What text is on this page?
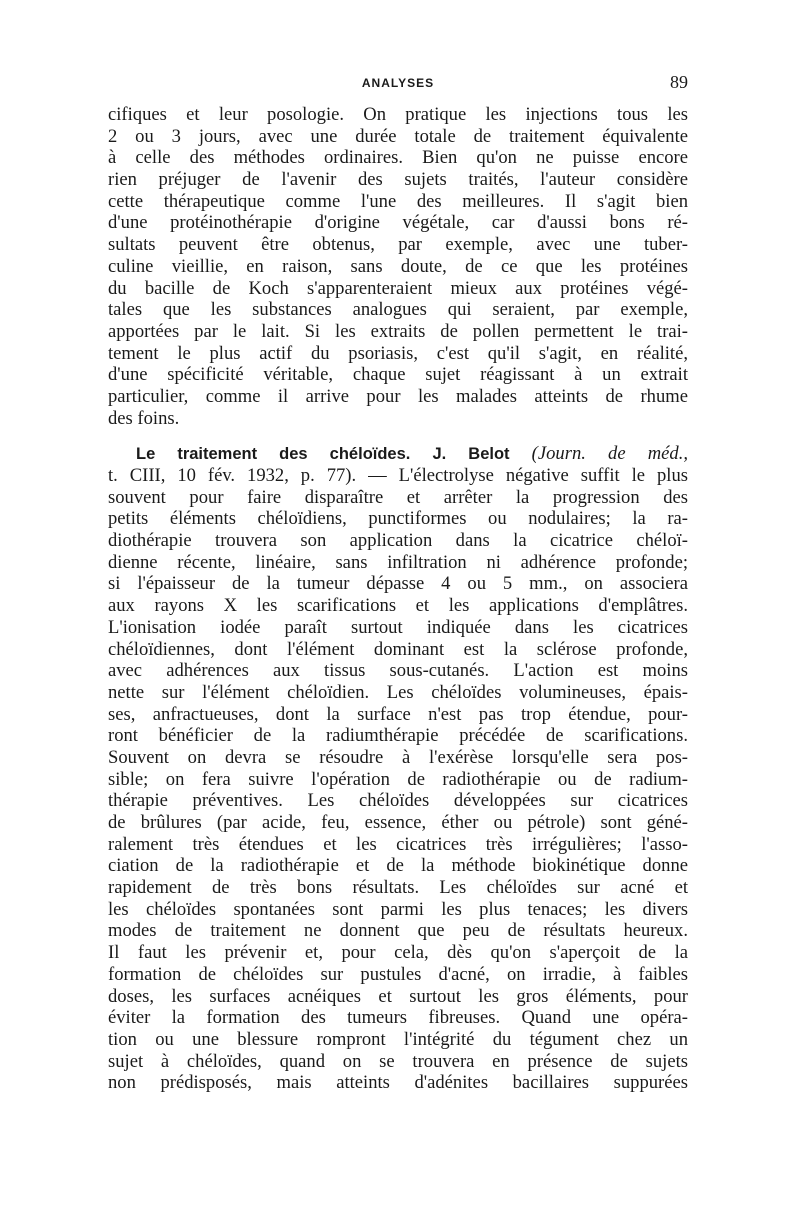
ANALYSES	89
cifiques et leur posologie. On pratique les injections tous les
2 ou 3 jours, avec une durée totale de traitement équivalente
à celle des méthodes ordinaires. Bien qu'on ne puisse encore
rien préjuger de l'avenir des sujets traités, l'auteur considère
cette thérapeutique comme l'une des meilleures. Il s'agit bien
d'une protéinothérapie d'origine végétale, car d'aussi bons ré-
sultats peuvent être obtenus, par exemple, avec une tuber-
culine vieillie, en raison, sans doute, de ce que les protéines
du bacille de Koch s'apparenteraient mieux aux protéines végé-
tales que les substances analogues qui seraient, par exemple,
apportées par le lait. Si les extraits de pollen permettent le trai-
tement le plus actif du psoriasis, c'est qu'il s'agit, en réalité,
d'une spécificité véritable, chaque sujet réagissant à un extrait
particulier, comme il arrive pour les malades atteints de rhume
des foins.
Le traitement des chéloïdes. J. Belot (Journ. de méd.,
t. CIII, 10 fév. 1932, p. 77). — L'électrolyse négative suffit le plus
souvent pour faire disparaître et arrêter la progression des
petits éléments chéloïdiens, punctiformes ou nodulaires; la ra-
diothérapie trouvera son application dans la cicatrice chéloï-
dienne récente, linéaire, sans infiltration ni adhérence profonde;
si l'épaisseur de la tumeur dépasse 4 ou 5 mm., on associera
aux rayons X les scarifications et les applications d'emplâtres.
L'ionisation iodée paraît surtout indiquée dans les cicatrices
chéloïdiennes, dont l'élément dominant est la sclérose profonde,
avec adhérences aux tissus sous-cutanés. L'action est moins
nette sur l'élément chéloïdien. Les chéloïdes volumineuses, épais-
ses, anfractueuses, dont la surface n'est pas trop étendue, pour-
ront bénéficier de la radiumthérapie précédée de scarifications.
Souvent on devra se résoudre à l'exérèse lorsqu'elle sera pos-
sible; on fera suivre l'opération de radiothérapie ou de radium-
thérapie préventives. Les chéloïdes développées sur cicatrices
de brûlures (par acide, feu, essence, éther ou pétrole) sont géné-
ralement très étendues et les cicatrices très irrégulières; l'asso-
ciation de la radiothérapie et de la méthode biokinétique donne
rapidement de très bons résultats. Les chéloïdes sur acné et
les chéloïdes spontanées sont parmi les plus tenaces; les divers
modes de traitement ne donnent que peu de résultats heureux.
Il faut les prévenir et, pour cela, dès qu'on s'aperçoit de la
formation de chéloïdes sur pustules d'acné, on irradie, à faibles
doses, les surfaces acnéiques et surtout les gros éléments, pour
éviter la formation des tumeurs fibreuses. Quand une opéra-
tion ou une blessure rompront l'intégrité du tégument chez un
sujet à chéloïdes, quand on se trouvera en présence de sujets
non prédisposés, mais atteints d'adénites bacillaires suppurées
